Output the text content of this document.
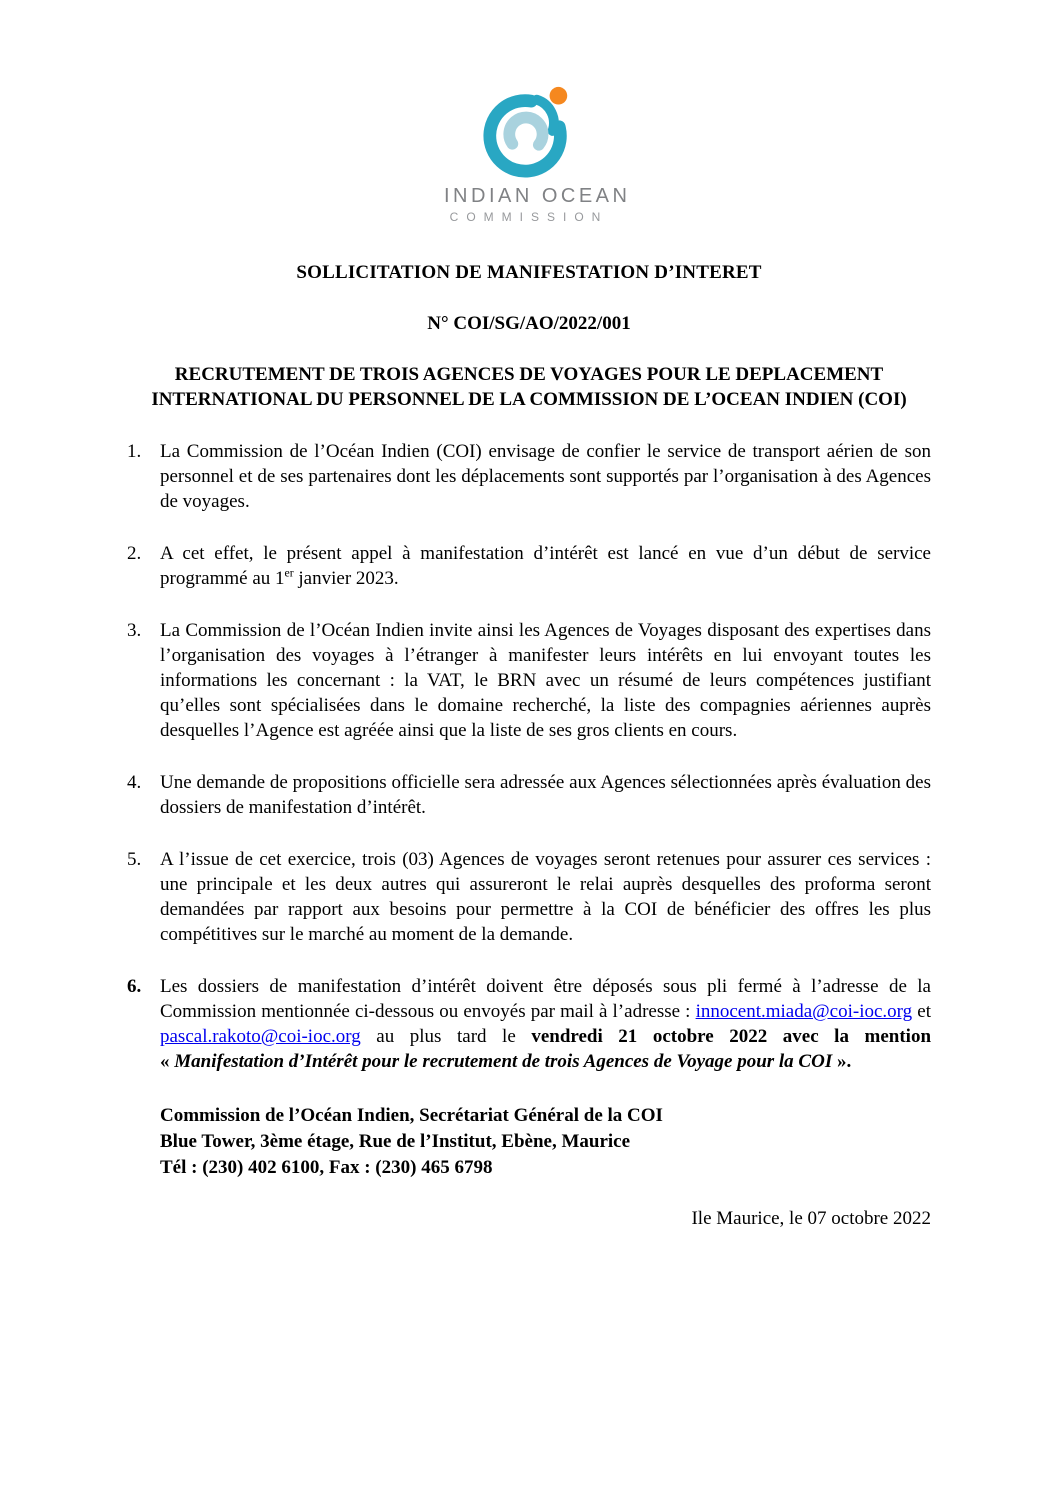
INDIAN OCEAN
COMMISSION
SOLLICITATION DE MANIFESTATION D’INTERET
N° COI/SG/AO/2022/001
RECRUTEMENT DE TROIS AGENCES DE VOYAGES POUR LE DEPLACEMENT
INTERNATIONAL DU PERSONNEL DE LA COMMISSION DE L’OCEAN INDIEN (COI)
1. La Commission de l’Océan Indien (COI) envisage de confier le service de transport aérien de son personnel et de ses partenaires dont les déplacements sont supportés par l’organisation à des Agences de voyages.
2. A cet effet, le présent appel à manifestation d’intérêt est lancé en vue d’un début de service programmé au 1er janvier 2023.
3. La Commission de l’Océan Indien invite ainsi les Agences de Voyages disposant des expertises dans l’organisation des voyages à l’étranger à manifester leurs intérêts en lui envoyant toutes les informations les concernant : la VAT, le BRN avec un résumé de leurs compétences justifiant qu’elles sont spécialisées dans le domaine recherché, la liste des compagnies aériennes auprès desquelles l’Agence est agréée ainsi que la liste de ses gros clients en cours.
4. Une demande de propositions officielle sera adressée aux Agences sélectionnées après évaluation des dossiers de manifestation d’intérêt.
5. A l’issue de cet exercice, trois (03) Agences de voyages seront retenues pour assurer ces services : une principale et les deux autres qui assureront le relai auprès desquelles des proforma seront demandées par rapport aux besoins pour permettre à la COI de bénéficier des offres les plus compétitives sur le marché au moment de la demande.
6. Les dossiers de manifestation d’intérêt doivent être déposés sous pli fermé à l’adresse de la Commission mentionnée ci-dessous ou envoyés par mail à l’adresse : innocent.miada@coi-ioc.org et pascal.rakoto@coi-ioc.org au plus tard le vendredi 21 octobre 2022 avec la mention « Manifestation d’Intérêt pour le recrutement de trois Agences de Voyage pour la COI ».
Commission de l’Océan Indien, Secrétariat Général de la COI
Blue Tower, 3ème étage, Rue de l’Institut, Ebène, Maurice
Tél : (230) 402 6100, Fax : (230) 465 6798
Ile Maurice, le 07 octobre 2022
